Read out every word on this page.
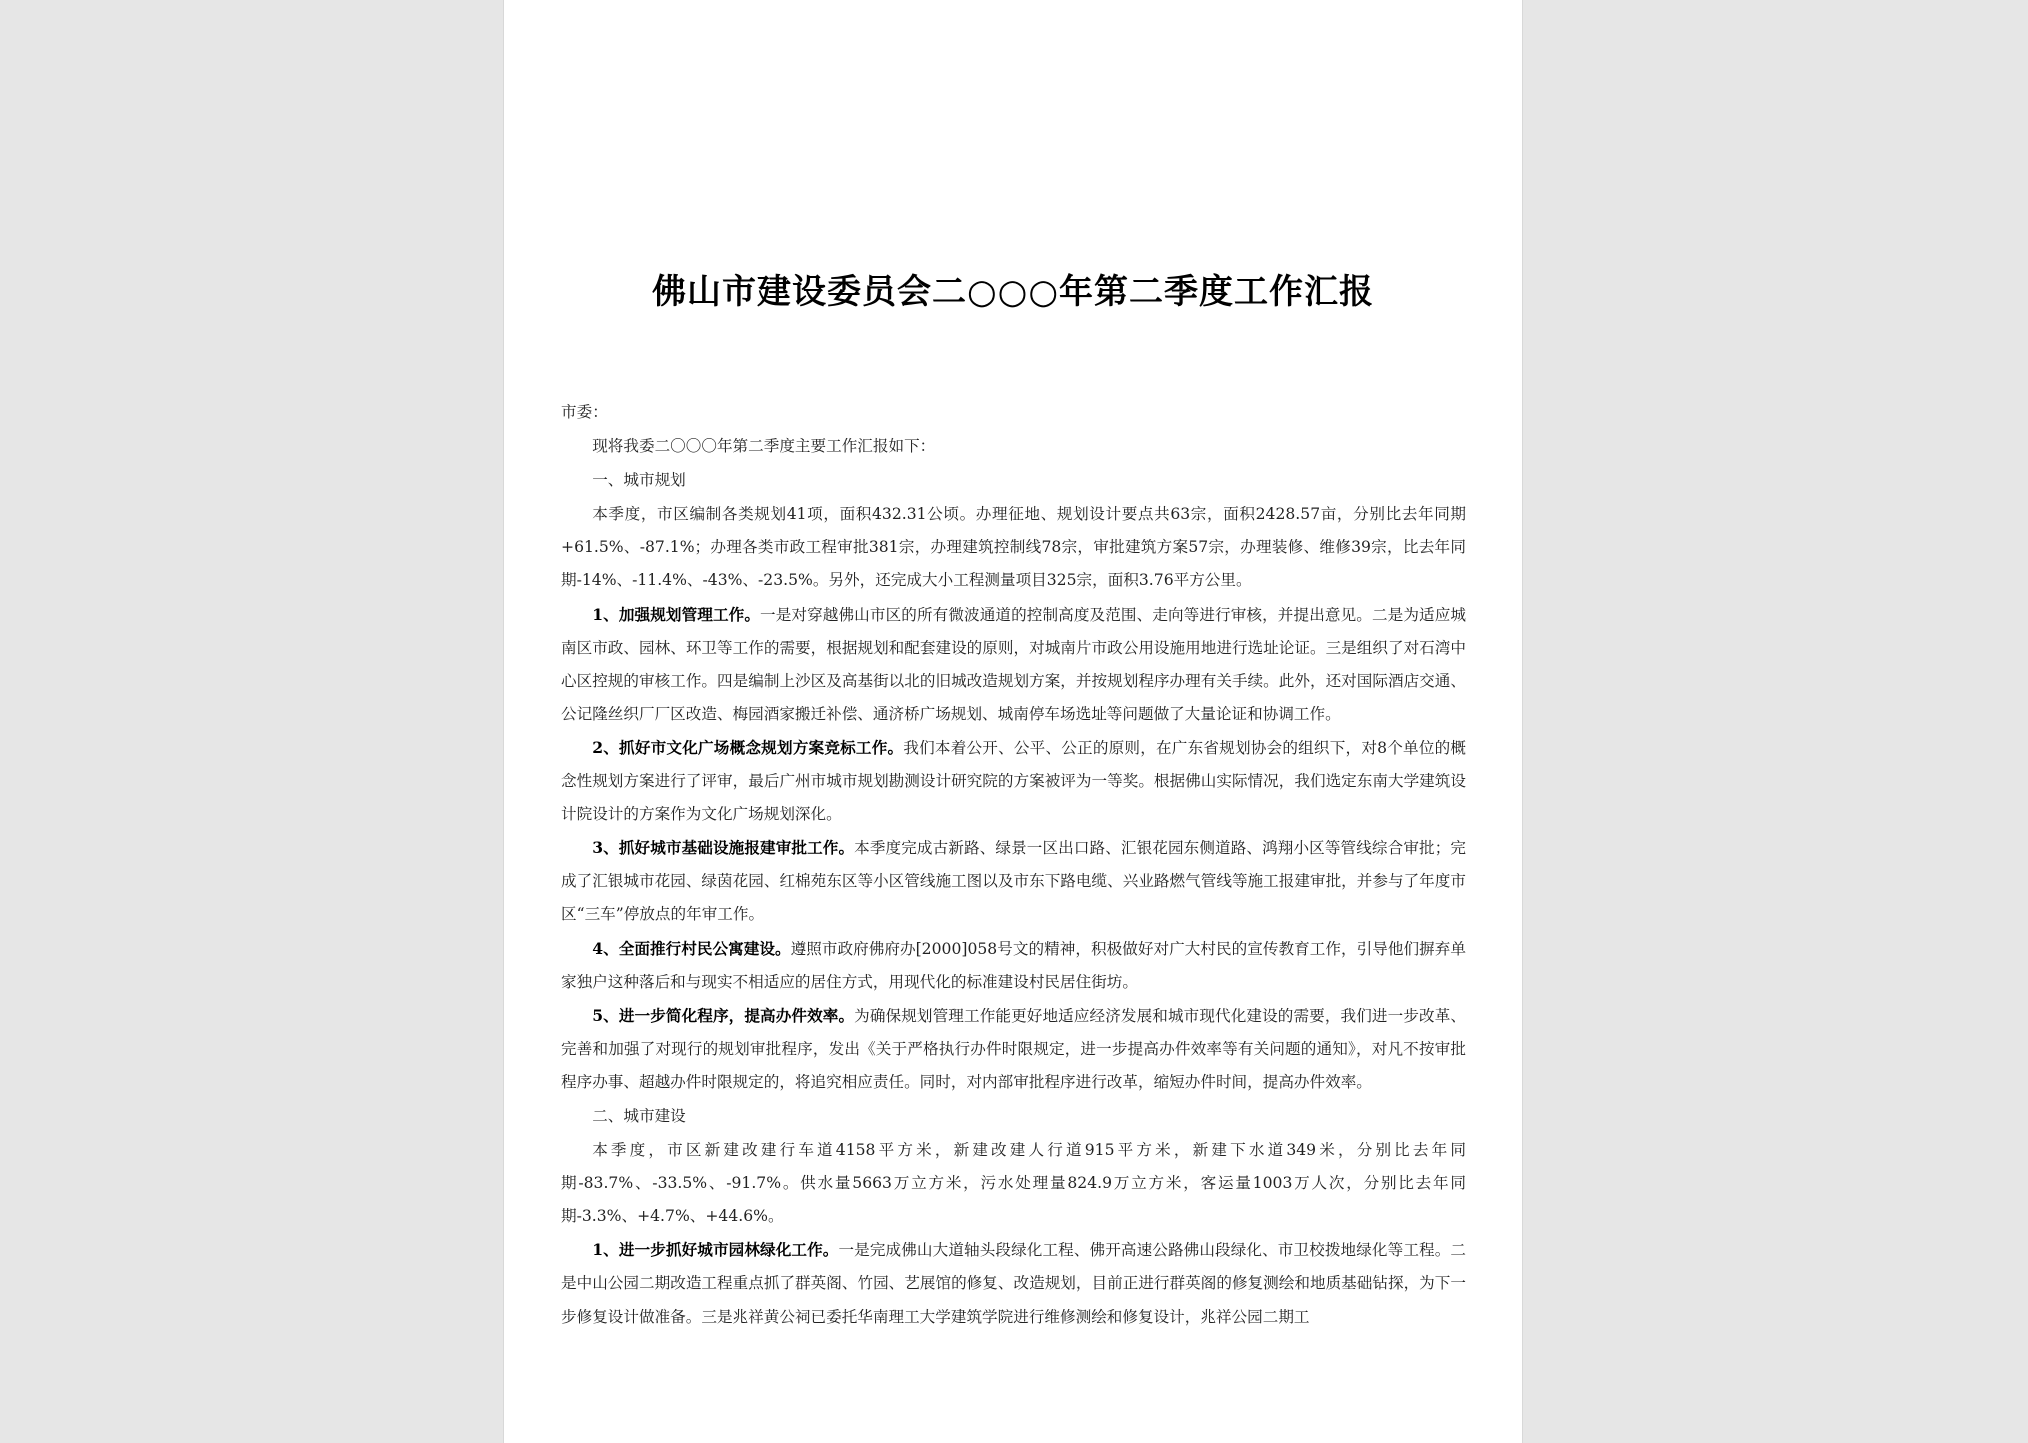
佛山市建设委员会二○○○年第二季度工作汇报

市委：

现将我委二〇〇〇年第二季度主要工作汇报如下：

一、城市规划

本季度，市区编制各类规划41项，面积432.31公顷。办理征地、规划设计要点共63宗，面积2428.57亩，分别比去年同期+61.5%、-87.1%；办理各类市政工程审批381宗，办理建筑控制线78宗，审批建筑方案57宗，办理装修、维修39宗，比去年同期-14%、-11.4%、-43%、-23.5%。另外，还完成大小工程测量项目325宗，面积3.76平方公里。

1、加强规划管理工作。一是对穿越佛山市区的所有微波通道的控制高度及范围、走向等进行审核，并提出意见。二是为适应城南区市政、园林、环卫等工作的需要，根据规划和配套建设的原则，对城南片市政公用设施用地进行选址论证。三是组织了对石湾中心区控规的审核工作。四是编制上沙区及高基街以北的旧城改造规划方案，并按规划程序办理有关手续。此外，还对国际酒店交通、公记隆丝织厂厂区改造、梅园酒家搬迁补偿、通济桥广场规划、城南停车场选址等问题做了大量论证和协调工作。

2、抓好市文化广场概念规划方案竞标工作。我们本着公开、公平、公正的原则，在广东省规划协会的组织下，对8个单位的概念性规划方案进行了评审，最后广州市城市规划勘测设计研究院的方案被评为一等奖。根据佛山实际情况，我们选定东南大学建筑设计院设计的方案作为文化广场规划深化。

3、抓好城市基础设施报建审批工作。本季度完成古新路、绿景一区出口路、汇银花园东侧道路、鸿翔小区等管线综合审批；完成了汇银城市花园、绿茵花园、红棉苑东区等小区管线施工图以及市东下路电缆、兴业路燃气管线等施工报建审批，并参与了年度市区“三车”停放点的年审工作。

4、全面推行村民公寓建设。遵照市政府佛府办[2000]058号文的精神，积极做好对广大村民的宣传教育工作，引导他们摒弃单家独户这种落后和与现实不相适应的居住方式，用现代化的标准建设村民居住街坊。

5、进一步简化程序，提高办件效率。为确保规划管理工作能更好地适应经济发展和城市现代化建设的需要，我们进一步改革、完善和加强了对现行的规划审批程序，发出《关于严格执行办件时限规定，进一步提高办件效率等有关问题的通知》，对凡不按审批程序办事、超越办件时限规定的，将追究相应责任。同时，对内部审批程序进行改革，缩短办件时间，提高办件效率。

二、城市建设

本季度，市区新建改建行车道4158平方米，新建改建人行道915平方米，新建下水道349米，分别比去年同期-83.7%、-33.5%、-91.7%。供水量5663万立方米，污水处理量824.9万立方米，客运量1003万人次，分别比去年同期-3.3%、+4.7%、+44.6%。

1、进一步抓好城市园林绿化工作。一是完成佛山大道轴头段绿化工程、佛开高速公路佛山段绿化、市卫校拨地绿化等工程。二是中山公园二期改造工程重点抓了群英阁、竹园、艺展馆的修复、改造规划，目前正进行群英阁的修复测绘和地质基础钻探，为下一步修复设计做准备。三是兆祥黄公祠已委托华南理工大学建筑学院进行维修测绘和修复设计，兆祥公园二期工
